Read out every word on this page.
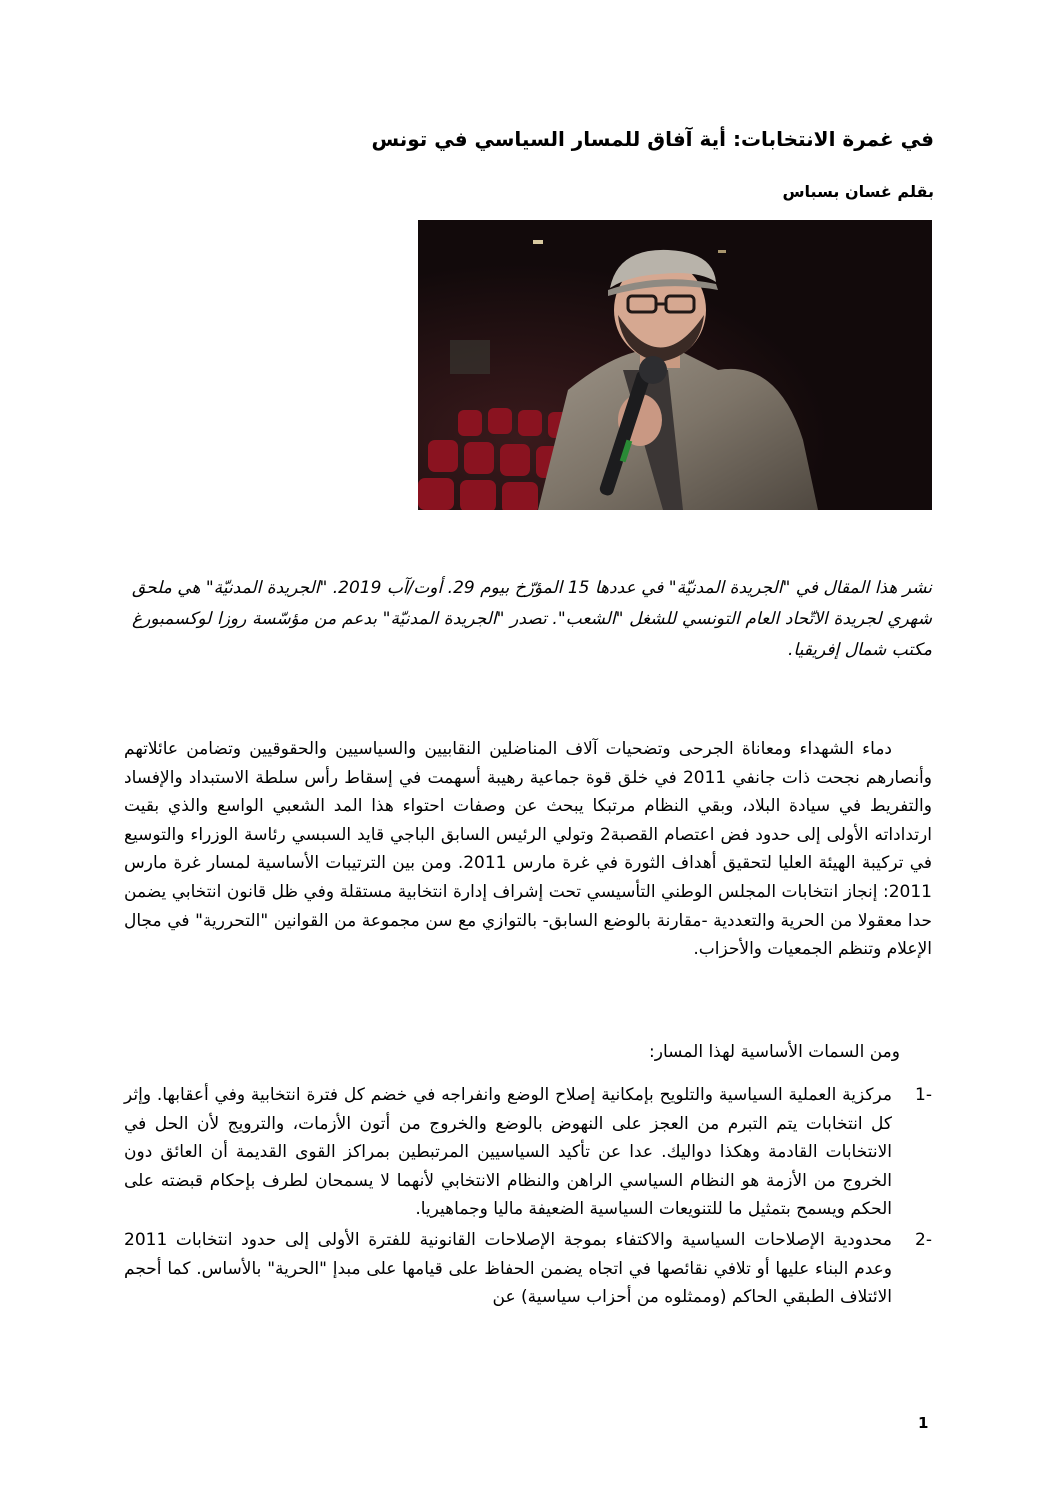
في غمرة الانتخابات: أية آفاق للمسار السياسي في تونس
بقلم غسان بسباس
نشر هذا المقال في "الجريدة المدنيّة" في عددها 15 المؤرّخ بيوم 29. أوت/آب 2019. "الجريدة المدنيّة" هي ملحق شهري لجريدة الاتّحاد العام التونسي للشغل "الشعب". تصدر "الجريدة المدنيّة" بدعم من مؤسّسة روزا لوكسمبورغ مكتب شمال إفريقيا.
دماء الشهداء ومعاناة الجرحى وتضحيات آلاف المناضلين النقابيين والسياسيين والحقوقيين وتضامن عائلاتهم وأنصارهم نجحت ذات جانفي 2011 في خلق قوة جماعية رهيبة أسهمت في إسقاط رأس سلطة الاستبداد والإفساد والتفريط في سيادة البلاد، وبقي النظام مرتبكا يبحث عن وصفات احتواء هذا المد الشعبي الواسع والذي بقيت ارتداداته الأولى إلى حدود فض اعتصام القصبة2 وتولي الرئيس السابق الباجي قايد السبسي رئاسة الوزراء والتوسيع في تركيبة الهيئة العليا لتحقيق أهداف الثورة في غرة مارس 2011. ومن بين الترتيبات الأساسية لمسار غرة مارس 2011: إنجاز انتخابات المجلس الوطني التأسيسي تحت إشراف إدارة انتخابية مستقلة وفي ظل قانون انتخابي يضمن حدا معقولا من الحرية والتعددية -مقارنة بالوضع السابق- بالتوازي مع سن مجموعة من القوانين "التحررية" في مجال الإعلام وتنظم الجمعيات والأحزاب.
ومن السمات الأساسية لهذا المسار:
-1
مركزية العملية السياسية والتلويح بإمكانية إصلاح الوضع وانفراجه في خضم كل فترة انتخابية وفي أعقابها. وإثر كل انتخابات يتم التبرم من العجز على النهوض بالوضع والخروج من أتون الأزمات، والترويج لأن الحل في الانتخابات القادمة وهكذا دواليك. عدا عن تأكيد السياسيين المرتبطين بمراكز القوى القديمة أن العائق دون الخروج من الأزمة هو النظام السياسي الراهن والنظام الانتخابي لأنهما لا يسمحان لطرف بإحكام قبضته على الحكم ويسمح بتمثيل ما للتنويعات السياسية الضعيفة ماليا وجماهيريا.
-2
محدودية الإصلاحات السياسية والاكتفاء بموجة الإصلاحات القانونية للفترة الأولى إلى حدود انتخابات 2011 وعدم البناء عليها أو تلافي نقائصها في اتجاه يضمن الحفاظ على قيامها على مبدإ "الحرية" بالأساس. كما أحجم الائتلاف الطبقي الحاكم (وممثلوه من أحزاب سياسية) عن
1
